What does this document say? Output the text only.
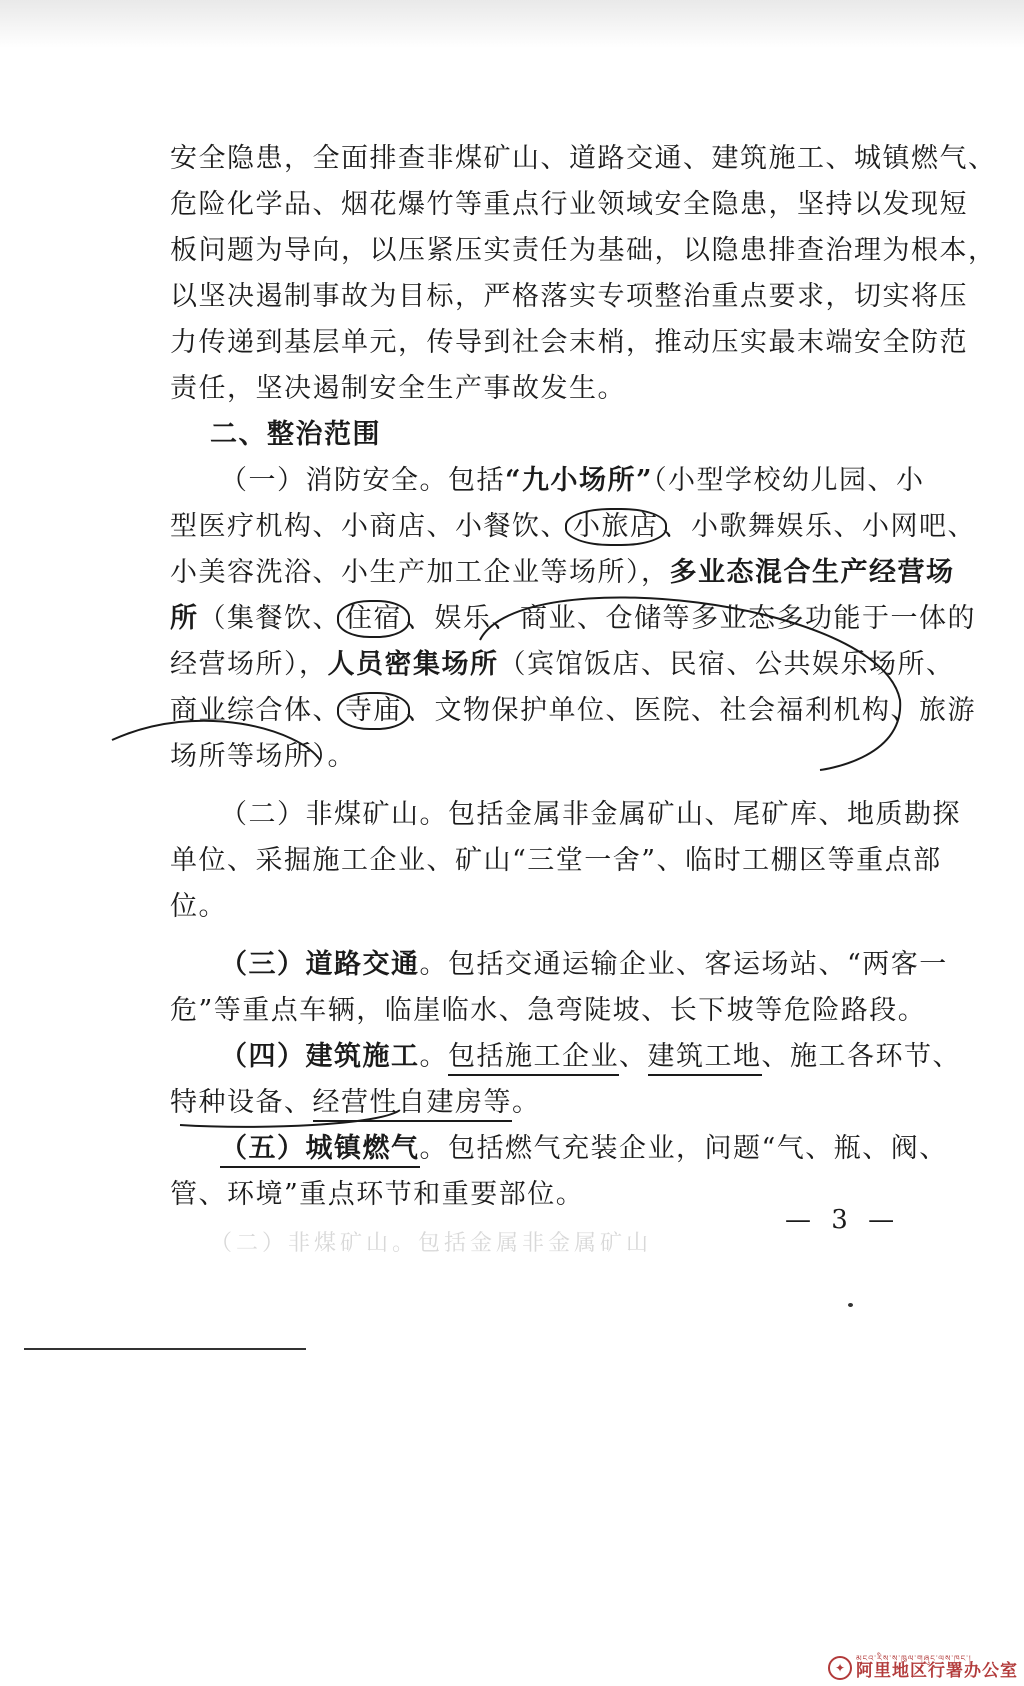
安全隐患，全面排查非煤矿山、道路交通、建筑施工、城镇燃气、
危险化学品、烟花爆竹等重点行业领域安全隐患，坚持以发现短
板问题为导向，以压紧压实责任为基础，以隐患排查治理为根本，
以坚决遏制事故为目标，严格落实专项整治重点要求，切实将压
力传递到基层单元，传导到社会末梢，推动压实最末端安全防范
责任，坚决遏制安全生产事故发生。
二、整治范围
（一）消防安全。包括“九小场所”（小型学校幼儿园、小
型医疗机构、小商店、小餐饮、 小旅店 、小歌舞娱乐、小网吧、
小美容洗浴、小生产加工企业等场所），多业态混合生产经营场
所（集餐饮、 住宿 、娱乐、商业、仓储等多业态多功能于一体的
经营场所），人员密集场所（宾馆饭店、民宿、公共娱乐场所、
商业综合体、 寺庙 、文物保护单位、医院、社会福利机构、旅游
场所等场所）。
（二）非煤矿山。包括金属非金属矿山、尾矿库、地质勘探
单位、采掘施工企业、矿山“三堂一舍”、临时工棚区等重点部
位。
（三）道路交通。包括交通运输企业、客运场站、“两客一
危”等重点车辆，临崖临水、急弯陡坡、长下坡等危险路段。
（四）建筑施工。包括施工企业、建筑工地、施工各环节、
特种设备、经营性自建房等。
（五）城镇燃气。包括燃气充装企业，问题“气、瓶、阀、
管、环境”重点环节和重要部位。
— 3 —
（二）非煤矿山。包括金属非金属矿山
✦
མངའ་རིས་ས་ཁུལ་གཞུང་ལས་ཁང་།
阿里地区行署办公室
